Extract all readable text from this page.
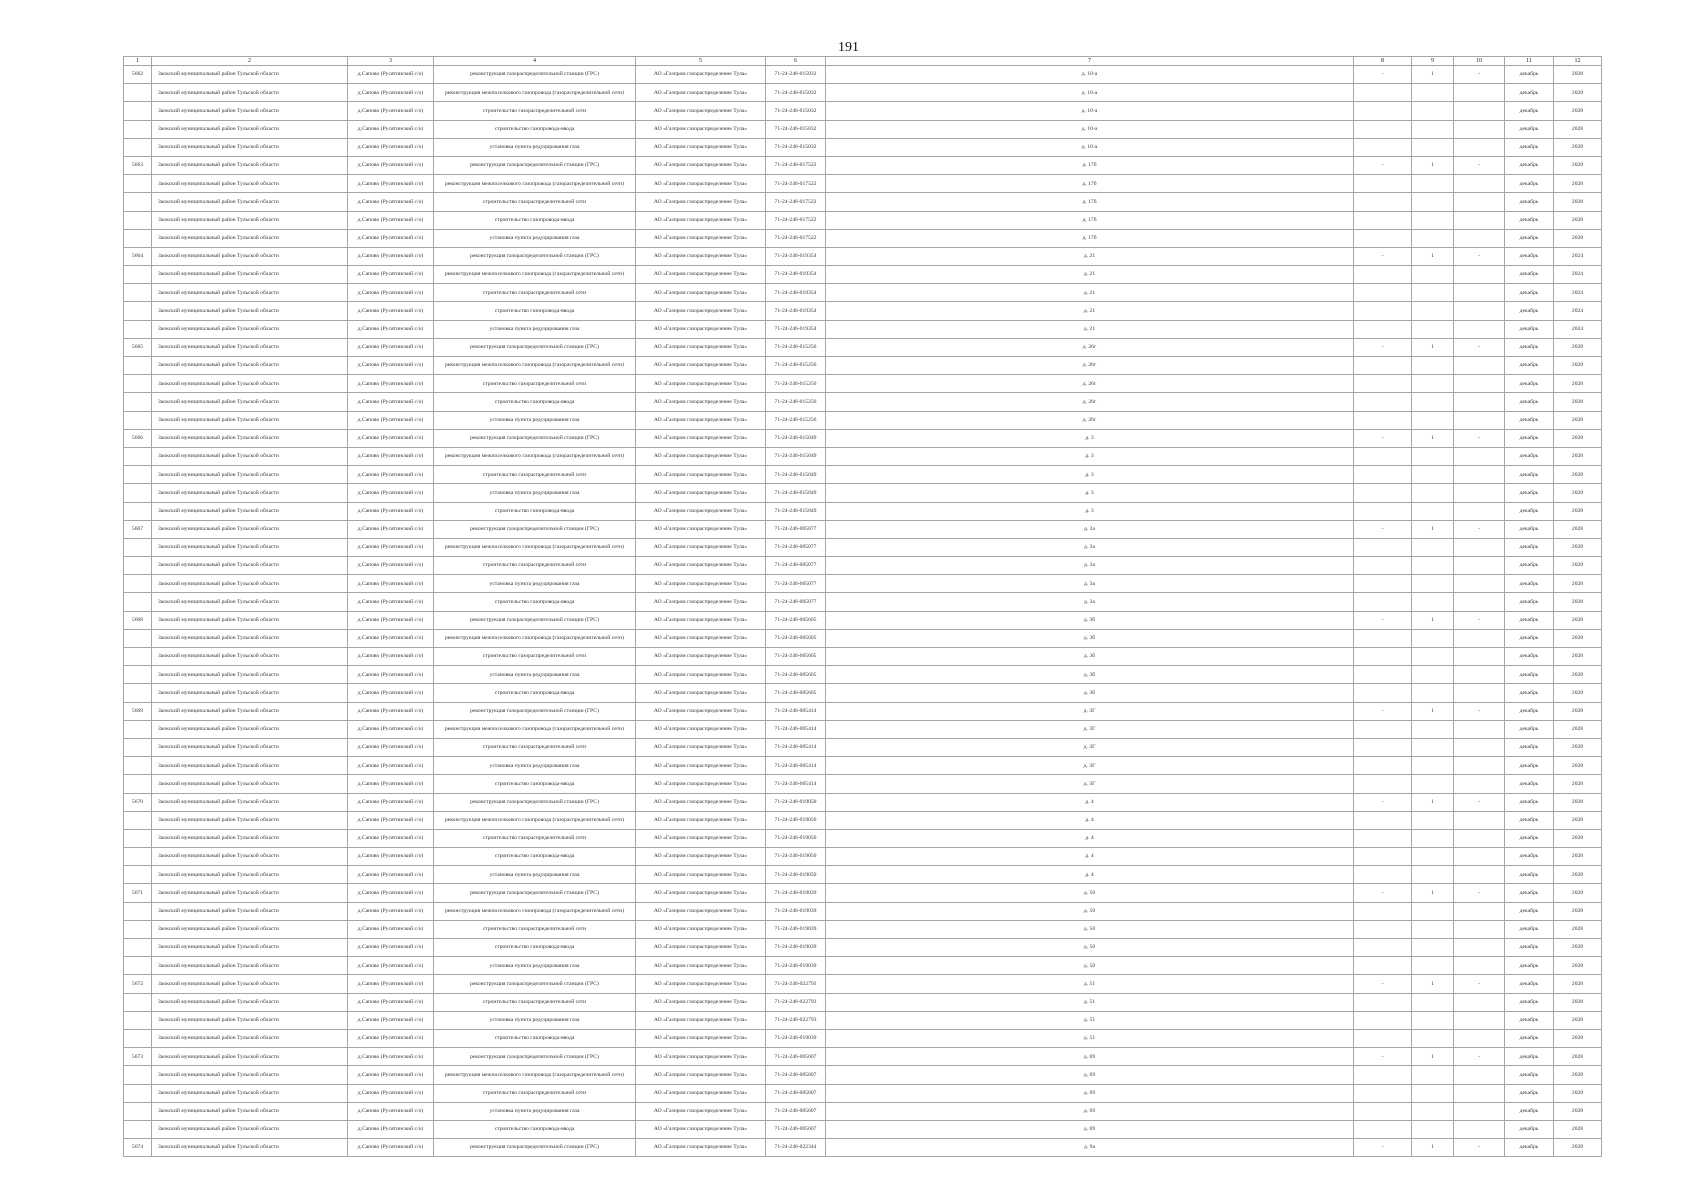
191
1	2	3	4	5	6	7	8	9	10	11	12
5662	Заокский муниципальный район Тульской области	д.Сапово (Русятинский с/о)	реконструкция газораспределительной станции (ГРС)	АО «Газпром газораспределение Тула»	71-24-246-015032	д. 10-а	-	1	-	декабрь	2028
	Заокский муниципальный район Тульской области	д.Сапово (Русятинский с/о)	реконструкция межпоселкового газопровода (газораспределительной сети)	АО «Газпром газораспределение Тула»	71-24-246-015032	д. 10-а				декабрь	2028
	Заокский муниципальный район Тульской области	д.Сапово (Русятинский с/о)	строительство газораспределительной сети	АО «Газпром газораспределение Тула»	71-24-246-015032	д. 10-а				декабрь	2028
	Заокский муниципальный район Тульской области	д.Сапово (Русятинский с/о)	строительство газопровода-ввода	АО «Газпром газораспределение Тула»	71-24-246-015032	д. 10-а				декабрь	2028
	Заокский муниципальный район Тульской области	д.Сапово (Русятинский с/о)	установка пункта редуцирования газа	АО «Газпром газораспределение Тула»	71-24-246-015032	д. 10-а				декабрь	2028
5663	Заокский муниципальный район Тульской области	д.Сапово (Русятинский с/о)	реконструкция газораспределительной станции (ГРС)	АО «Газпром газораспределение Тула»	71-24-246-017522	д. 17б	-	1	-	декабрь	2028
	Заокский муниципальный район Тульской области	д.Сапово (Русятинский с/о)	реконструкция межпоселкового газопровода (газораспределительной сети)	АО «Газпром газораспределение Тула»	71-24-246-017522	д. 17б				декабрь	2028
	Заокский муниципальный район Тульской области	д.Сапово (Русятинский с/о)	строительство газораспределительной сети	АО «Газпром газораспределение Тула»	71-24-246-017522	д. 17б				декабрь	2028
	Заокский муниципальный район Тульской области	д.Сапово (Русятинский с/о)	строительство газопровода-ввода	АО «Газпром газораспределение Тула»	71-24-246-017522	д. 17б				декабрь	2028
	Заокский муниципальный район Тульской области	д.Сапово (Русятинский с/о)	установка пункта редуцирования газа	АО «Газпром газораспределение Тула»	71-24-246-017522	д. 17б				декабрь	2028
5664	Заокский муниципальный район Тульской области	д.Сапово (Русятинский с/о)	реконструкция газораспределительной станции (ГРС)	АО «Газпром газораспределение Тула»	71-24-246-019354	д. 21	-	1	-	декабрь	2024
	Заокский муниципальный район Тульской области	д.Сапово (Русятинский с/о)	реконструкция межпоселкового газопровода (газораспределительной сети)	АО «Газпром газораспределение Тула»	71-24-246-019354	д. 21				декабрь	2024
	Заокский муниципальный район Тульской области	д.Сапово (Русятинский с/о)	строительство газораспределительной сети	АО «Газпром газораспределение Тула»	71-24-246-019354	д. 21				декабрь	2024
	Заокский муниципальный район Тульской области	д.Сапово (Русятинский с/о)	строительство газопровода-ввода	АО «Газпром газораспределение Тула»	71-24-246-019354	д. 21				декабрь	2024
	Заокский муниципальный район Тульской области	д.Сапово (Русятинский с/о)	установка пункта редуцирования газа	АО «Газпром газораспределение Тула»	71-24-246-019354	д. 21				декабрь	2024
5665	Заокский муниципальный район Тульской области	д.Сапово (Русятинский с/о)	реконструкция газораспределительной станции (ГРС)	АО «Газпром газораспределение Тула»	71-24-246-015256	д. 26г	-	1	-	декабрь	2028
	Заокский муниципальный район Тульской области	д.Сапово (Русятинский с/о)	реконструкция межпоселкового газопровода (газораспределительной сети)	АО «Газпром газораспределение Тула»	71-24-246-015256	д. 26г				декабрь	2028
	Заокский муниципальный район Тульской области	д.Сапово (Русятинский с/о)	строительство газораспределительной сети	АО «Газпром газораспределение Тула»	71-24-246-015256	д. 26г				декабрь	2028
	Заокский муниципальный район Тульской области	д.Сапово (Русятинский с/о)	строительство газопровода-ввода	АО «Газпром газораспределение Тула»	71-24-246-015256	д. 26г				декабрь	2028
	Заокский муниципальный район Тульской области	д.Сапово (Русятинский с/о)	установка пункта редуцирования газа	АО «Газпром газораспределение Тула»	71-24-246-015256	д. 26г				декабрь	2028
5666	Заокский муниципальный район Тульской области	д.Сапово (Русятинский с/о)	реконструкция газораспределительной станции (ГРС)	АО «Газпром газораспределение Тула»	71-24-246-015049	д. 3	-	1	-	декабрь	2028
	Заокский муниципальный район Тульской области	д.Сапово (Русятинский с/о)	реконструкция межпоселкового газопровода (газораспределительной сети)	АО «Газпром газораспределение Тула»	71-24-246-015049	д. 3				декабрь	2028
	Заокский муниципальный район Тульской области	д.Сапово (Русятинский с/о)	строительство газораспределительной сети	АО «Газпром газораспределение Тула»	71-24-246-015049	д. 3				декабрь	2028
	Заокский муниципальный район Тульской области	д.Сапово (Русятинский с/о)	установка пункта редуцирования газа	АО «Газпром газораспределение Тула»	71-24-246-015049	д. 3				декабрь	2028
	Заокский муниципальный район Тульской области	д.Сапово (Русятинский с/о)	строительство газопровода-ввода	АО «Газпром газораспределение Тула»	71-24-246-015049	д. 3				декабрь	2028
5667	Заокский муниципальный район Тульской области	д.Сапово (Русятинский с/о)	реконструкция газораспределительной станции (ГРС)	АО «Газпром газораспределение Тула»	71-24-246-005077	д. 3а	-	1	-	декабрь	2028
	Заокский муниципальный район Тульской области	д.Сапово (Русятинский с/о)	реконструкция межпоселкового газопровода (газораспределительной сети)	АО «Газпром газораспределение Тула»	71-24-246-005077	д. 3а				декабрь	2028
	Заокский муниципальный район Тульской области	д.Сапово (Русятинский с/о)	строительство газораспределительной сети	АО «Газпром газораспределение Тула»	71-24-246-005077	д. 3а				декабрь	2028
	Заокский муниципальный район Тульской области	д.Сапово (Русятинский с/о)	установка пункта редуцирования газа	АО «Газпром газораспределение Тула»	71-24-246-005077	д. 3а				декабрь	2028
	Заокский муниципальный район Тульской области	д.Сапово (Русятинский с/о)	строительство газопровода-ввода	АО «Газпром газораспределение Тула»	71-24-246-005077	д. 3а				декабрь	2028
5668	Заокский муниципальный район Тульской области	д.Сапово (Русятинский с/о)	реконструкция газораспределительной станции (ГРС)	АО «Газпром газораспределение Тула»	71-24-246-005605	д. 3б	-	1	-	декабрь	2028
	Заокский муниципальный район Тульской области	д.Сапово (Русятинский с/о)	реконструкция межпоселкового газопровода (газораспределительной сети)	АО «Газпром газораспределение Тула»	71-24-246-005605	д. 3б				декабрь	2028
	Заокский муниципальный район Тульской области	д.Сапово (Русятинский с/о)	строительство газораспределительной сети	АО «Газпром газораспределение Тула»	71-24-246-005605	д. 3б				декабрь	2028
	Заокский муниципальный район Тульской области	д.Сапово (Русятинский с/о)	установка пункта редуцирования газа	АО «Газпром газораспределение Тула»	71-24-246-005605	д. 3б				декабрь	2028
	Заокский муниципальный район Тульской области	д.Сапово (Русятинский с/о)	строительство газопровода-ввода	АО «Газпром газораспределение Тула»	71-24-246-005605	д. 3б				декабрь	2028
5669	Заокский муниципальный район Тульской области	д.Сапово (Русятинский с/о)	реконструкция газораспределительной станции (ГРС)	АО «Газпром газораспределение Тула»	71-24-246-005414	д. 3Г	-	1	-	декабрь	2028
	Заокский муниципальный район Тульской области	д.Сапово (Русятинский с/о)	реконструкция межпоселкового газопровода (газораспределительной сети)	АО «Газпром газораспределение Тула»	71-24-246-005414	д. 3Г				декабрь	2028
	Заокский муниципальный район Тульской области	д.Сапово (Русятинский с/о)	строительство газораспределительной сети	АО «Газпром газораспределение Тула»	71-24-246-005414	д. 3Г				декабрь	2028
	Заокский муниципальный район Тульской области	д.Сапово (Русятинский с/о)	установка пункта редуцирования газа	АО «Газпром газораспределение Тула»	71-24-246-005414	д. 3Г				декабрь	2028
	Заокский муниципальный район Тульской области	д.Сапово (Русятинский с/о)	строительство газопровода-ввода	АО «Газпром газораспределение Тула»	71-24-246-005414	д. 3Г				декабрь	2028
5670	Заокский муниципальный район Тульской области	д.Сапово (Русятинский с/о)	реконструкция газораспределительной станции (ГРС)	АО «Газпром газораспределение Тула»	71-24-246-019050	д. 4	-	1	-	декабрь	2028
	Заокский муниципальный район Тульской области	д.Сапово (Русятинский с/о)	реконструкция межпоселкового газопровода (газораспределительной сети)	АО «Газпром газораспределение Тула»	71-24-246-019050	д. 4				декабрь	2028
	Заокский муниципальный район Тульской области	д.Сапово (Русятинский с/о)	строительство газораспределительной сети	АО «Газпром газораспределение Тула»	71-24-246-019050	д. 4				декабрь	2028
	Заокский муниципальный район Тульской области	д.Сапово (Русятинский с/о)	строительство газопровода-ввода	АО «Газпром газораспределение Тула»	71-24-246-019050	д. 4				декабрь	2028
	Заокский муниципальный район Тульской области	д.Сапово (Русятинский с/о)	установка пункта редуцирования газа	АО «Газпром газораспределение Тула»	71-24-246-019050	д. 4				декабрь	2028
5671	Заокский муниципальный район Тульской области	д.Сапово (Русятинский с/о)	реконструкция газораспределительной станции (ГРС)	АО «Газпром газораспределение Тула»	71-24-246-019039	д. 50	-	1	-	декабрь	2028
	Заокский муниципальный район Тульской области	д.Сапово (Русятинский с/о)	реконструкция межпоселкового газопровода (газораспределительной сети)	АО «Газпром газораспределение Тула»	71-24-246-019039	д. 50				декабрь	2028
	Заокский муниципальный район Тульской области	д.Сапово (Русятинский с/о)	строительство газораспределительной сети	АО «Газпром газораспределение Тула»	71-24-246-019039	д. 50				декабрь	2028
	Заокский муниципальный район Тульской области	д.Сапово (Русятинский с/о)	строительство газопровода-ввода	АО «Газпром газораспределение Тула»	71-24-246-019039	д. 50				декабрь	2028
	Заокский муниципальный район Тульской области	д.Сапово (Русятинский с/о)	установка пункта редуцирования газа	АО «Газпром газораспределение Тула»	71-24-246-019039	д. 50				декабрь	2028
5672	Заокский муниципальный район Тульской области	д.Сапово (Русятинский с/о)	реконструкция газораспределительной станции (ГРС)	АО «Газпром газораспределение Тула»	71-24-246-022793	д. 51	-	1	-	декабрь	2028
	Заокский муниципальный район Тульской области	д.Сапово (Русятинский с/о)	строительство газораспределительной сети	АО «Газпром газораспределение Тула»	71-24-246-022793	д. 51				декабрь	2028
	Заокский муниципальный район Тульской области	д.Сапово (Русятинский с/о)	установка пункта редуцирования газа	АО «Газпром газораспределение Тула»	71-24-246-022793	д. 51				декабрь	2028
	Заокский муниципальный район Тульской области	д.Сапово (Русятинский с/о)	строительство газопровода-ввода	АО «Газпром газораспределение Тула»	71-24-246-019039	д. 51				декабрь	2028
5673	Заокский муниципальный район Тульской области	д.Сапово (Русятинский с/о)	реконструкция газораспределительной станции (ГРС)	АО «Газпром газораспределение Тула»	71-24-246-005607	д. 69	-	1	-	декабрь	2028
	Заокский муниципальный район Тульской области	д.Сапово (Русятинский с/о)	реконструкция межпоселкового газопровода (газораспределительной сети)	АО «Газпром газораспределение Тула»	71-24-246-005607	д. 69				декабрь	2028
	Заокский муниципальный район Тульской области	д.Сапово (Русятинский с/о)	строительство газораспределительной сети	АО «Газпром газораспределение Тула»	71-24-246-005607	д. 69				декабрь	2028
	Заокский муниципальный район Тульской области	д.Сапово (Русятинский с/о)	установка пункта редуцирования газа	АО «Газпром газораспределение Тула»	71-24-246-005607	д. 69				декабрь	2028
	Заокский муниципальный район Тульской области	д.Сапово (Русятинский с/о)	строительство газопровода-ввода	АО «Газпром газораспределение Тула»	71-24-246-005607	д. 69				декабрь	2028
5674	Заокский муниципальный район Тульской области	д.Сапово (Русятинский с/о)	реконструкция газораспределительной станции (ГРС)	АО «Газпром газораспределение Тула»	71-24-246-022344	д. 9а	-	1	-	декабрь	2028
